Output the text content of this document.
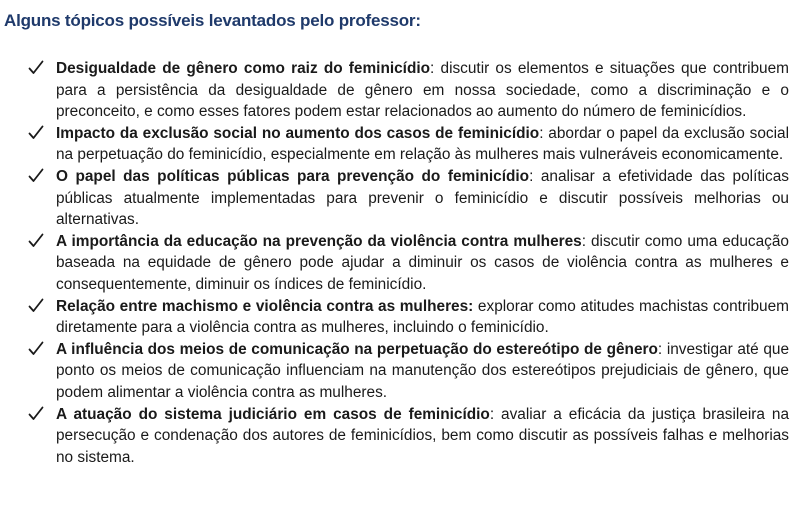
Alguns tópicos possíveis levantados pelo professor:
Desigualdade de gênero como raiz do feminicídio: discutir os elementos e situações que contribuem para a persistência da desigualdade de gênero em nossa sociedade, como a discriminação e o preconceito, e como esses fatores podem estar relacionados ao aumento do número de feminicídios.
Impacto da exclusão social no aumento dos casos de feminicídio: abordar o papel da exclusão social na perpetuação do feminicídio, especialmente em relação às mulheres mais vulneráveis economicamente.
O papel das políticas públicas para prevenção do feminicídio: analisar a efetividade das políticas públicas atualmente implementadas para prevenir o feminicídio e discutir possíveis melhorias ou alternativas.
A importância da educação na prevenção da violência contra mulheres: discutir como uma educação baseada na equidade de gênero pode ajudar a diminuir os casos de violência contra as mulheres e consequentemente, diminuir os índices de feminicídio.
Relação entre machismo e violência contra as mulheres: explorar como atitudes machistas contribuem diretamente para a violência contra as mulheres, incluindo o feminicídio.
A influência dos meios de comunicação na perpetuação do estereótipo de gênero: investigar até que ponto os meios de comunicação influenciam na manutenção dos estereótipos prejudiciais de gênero, que podem alimentar a violência contra as mulheres.
A atuação do sistema judiciário em casos de feminicídio: avaliar a eficácia da justiça brasileira na persecução e condenação dos autores de feminicídios, bem como discutir as possíveis falhas e melhorias no sistema.
